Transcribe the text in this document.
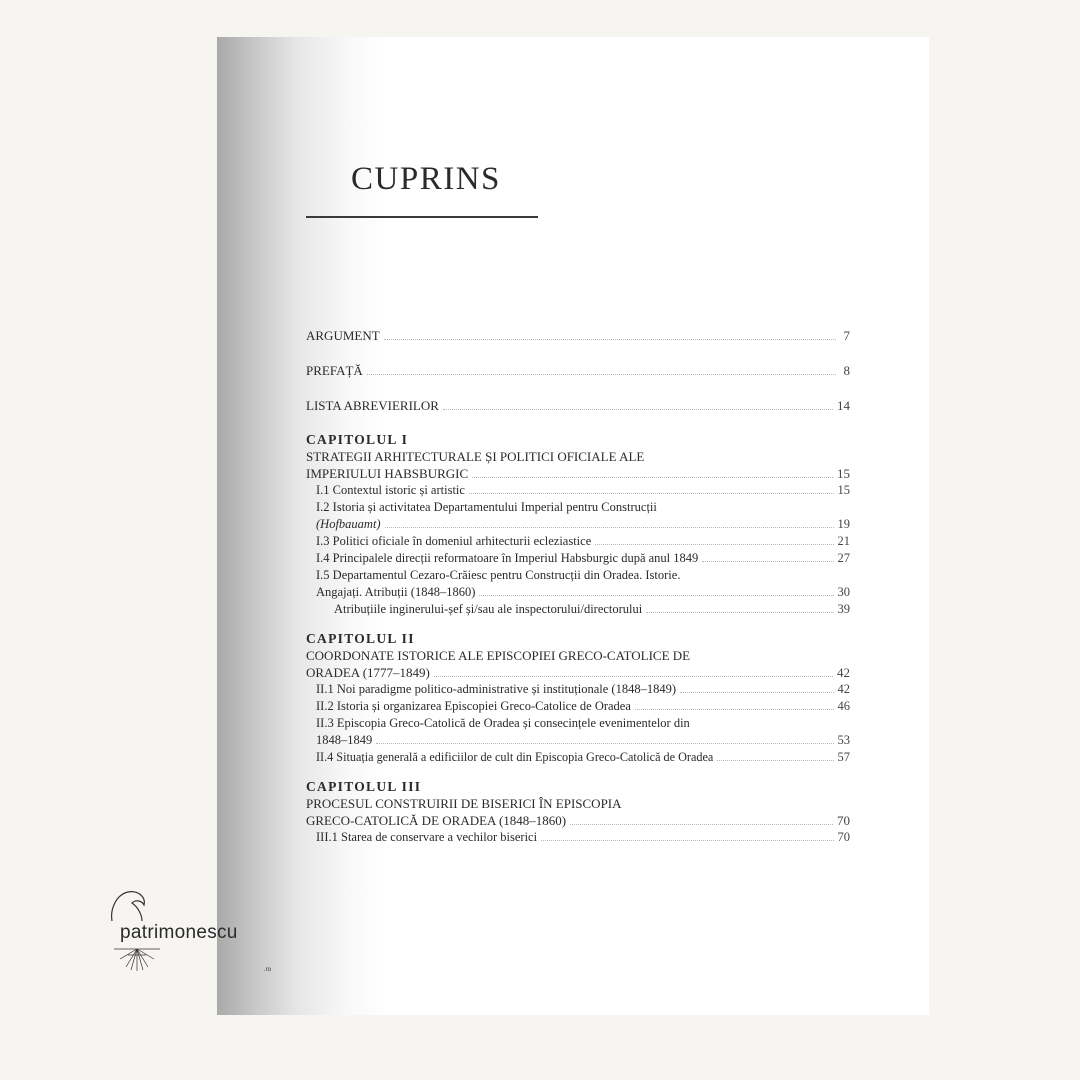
CUPRINS
ARGUMENT	7
PREFAȚĂ	8
LISTA ABREVIERILOR	14
CAPITOLUL I
STRATEGII ARHITECTURALE ȘI POLITICI OFICIALE ALE
IMPERIULUI HABSBURGIC	15
I.1 Contextul istoric și artistic	15
I.2 Istoria și activitatea Departamentului Imperial pentru Construcții
(Hofbauamt)	19
I.3 Politici oficiale în domeniul arhitecturii ecleziastice	21
I.4 Principalele direcții reformatoare în Imperiul Habsburgic după anul 1849	27
I.5 Departamentul Cezaro-Crăiesc pentru Construcții din Oradea. Istorie.
Angajați. Atribuții (1848–1860)	30
Atribuțiile inginerului-șef și/sau ale inspectorului/directorului	39
CAPITOLUL II
COORDONATE ISTORICE ALE EPISCOPIEI GRECO-CATOLICE DE
ORADEA (1777–1849)	42
II.1 Noi paradigme politico-administrative și instituționale (1848–1849)	42
II.2 Istoria și organizarea Episcopiei Greco-Catolice de Oradea	46
II.3 Episcopia Greco-Catolică de Oradea și consecințele evenimentelor din
1848–1849	53
II.4 Situația generală a edificiilor de cult din Episcopia Greco-Catolică de Oradea	57
CAPITOLUL III
PROCESUL CONSTRUIRII DE BISERICI ÎN EPISCOPIA
GRECO-CATOLICĂ DE ORADEA (1848–1860)	70
III.1 Starea de conservare a vechilor biserici	70
patrimonescu
.ro
